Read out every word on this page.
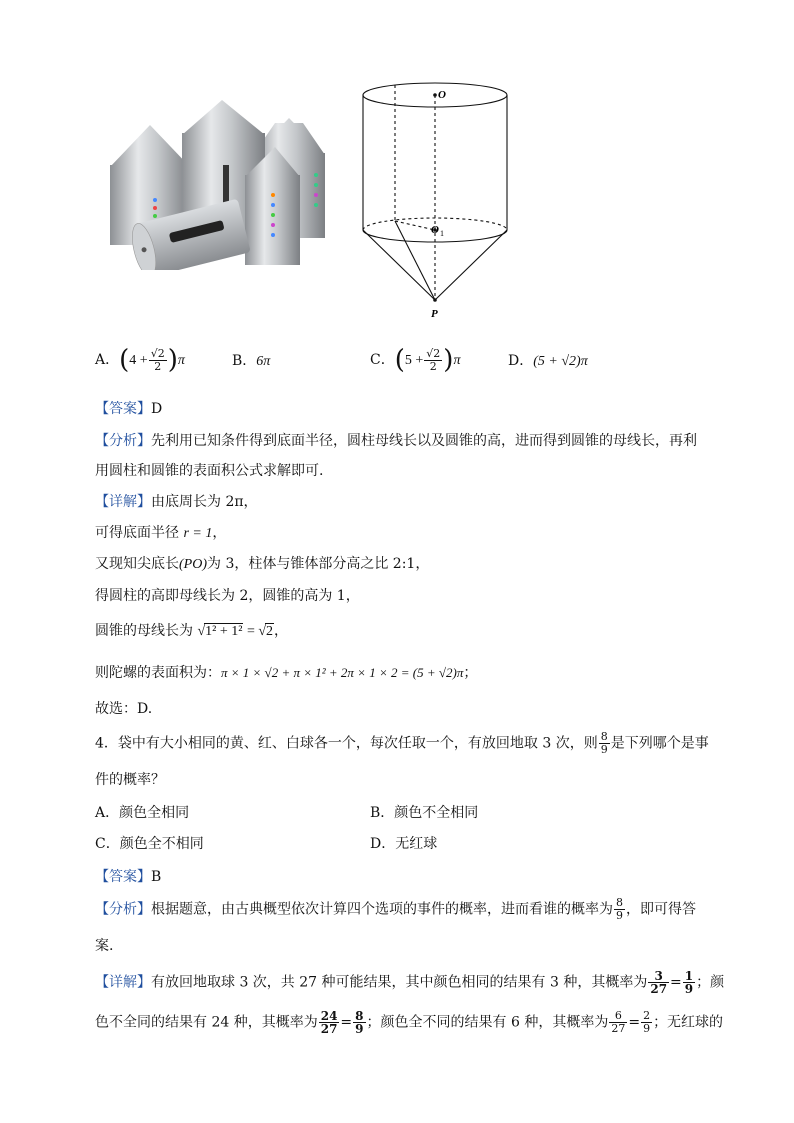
O
O 1
P
A．$(4 + \frac{√2}{2} )\pi$	B．6π	C．$(5 + \frac{√2}{2} )\pi$	D．(5 + √2)π
【答案】D
【分析】先利用已知条件得到底面半径，圆柱母线长以及圆锥的高，进而得到圆锥的母线长，再利
用圆柱和圆锥的表面积公式求解即可.
【详解】由底周长为 2π，
可得底面半径 r = 1，
又现知尖底长(PO)为 3，柱体与锥体部分高之比 2:1，
得圆柱的高即母线长为 2，圆锥的高为 1，
圆锥的母线长为 √1² + 1² = √2，
则陀螺的表面积为：π × 1 × √2 + π × 1² + 2π × 1 × 2 = (5 + √2)π；
故选：D.
4．袋中有大小相同的黄、红、白球各一个，每次任取一个，有放回地取 3 次，则 $\frac{8}{9}$ 是下列哪个是事
件的概率？
A．颜色全相同	B．颜色不全相同
C．颜色全不相同	D．无红球
【答案】B
【分析】根据题意，由古典概型依次计算四个选项的事件的概率，进而看谁的概率为 $\frac{8}{9}$ ，即可得答
案.
【详解】有放回地取球 3 次，共 27 种可能结果，其中颜色相同的结果有 3 种，其概率为 $\frac{3}{27} = \frac{1}{9}$ ；颜
色不全同的结果有 24 种，其概率为 $\frac{24}{27} = \frac{8}{9}$ ；颜色全不同的结果有 6 种，其概率为 $\frac{6}{27} = \frac{2}{9}$ ；无红球的
